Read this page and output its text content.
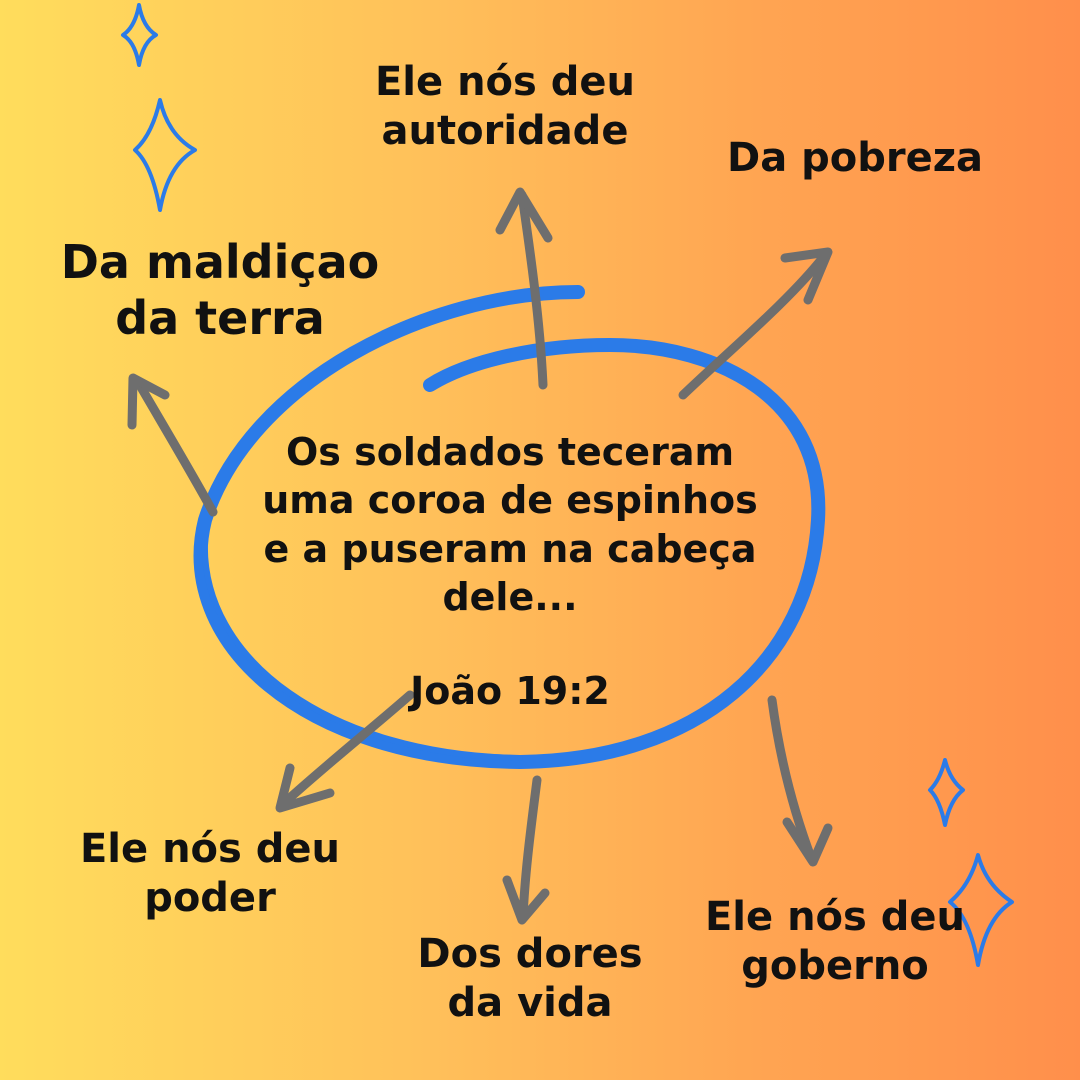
Os soldados teceram
uma coroa de espinhos
e a puseram na cabeça
dele...
João 19:2
Ele nós deu
autoridade
Da pobreza
Da maldiçao
da terra
Ele nós deu
poder
Dos dores
da vida
Ele nós deu
goberno
